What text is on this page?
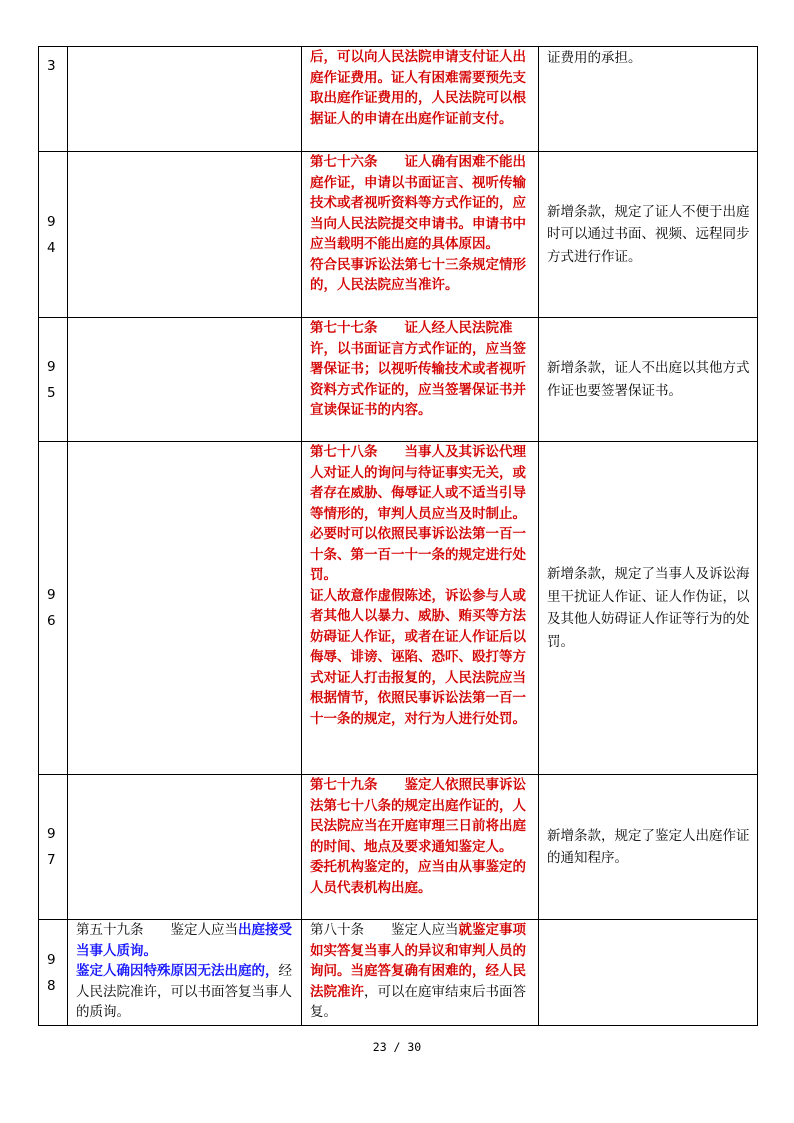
3		后，可以向人民法院申请支付证人出庭作证费用。证人有困难需要预先支取出庭作证费用的，人民法院可以根据证人的申请在出庭作证前支付。	证费用的承担。

9
4		第七十六条　　证人确有困难不能出庭作证，申请以书面证言、视听传输技术或者视听资料等方式作证的，应当向人民法院提交申请书。申请书中应当载明不能出庭的具体原因。
符合民事诉讼法第七十三条规定情形的，人民法院应当准许。	新增条款，规定了证人不便于出庭时可以通过书面、视频、远程同步方式进行作证。

9
5		第七十七条　　证人经人民法院准许，以书面证言方式作证的，应当签署保证书；以视听传输技术或者视听资料方式作证的，应当签署保证书并宣读保证书的内容。	新增条款，证人不出庭以其他方式作证也要签署保证书。

9
6		第七十八条　　当事人及其诉讼代理人对证人的询问与待证事实无关，或者存在威胁、侮辱证人或不适当引导等情形的，审判人员应当及时制止。必要时可以依照民事诉讼法第一百一十条、第一百一十一条的规定进行处罚。
证人故意作虚假陈述，诉讼参与人或者其他人以暴力、威胁、贿买等方法妨碍证人作证，或者在证人作证后以侮辱、诽谤、诬陷、恐吓、殴打等方式对证人打击报复的，人民法院应当根据情节，依照民事诉讼法第一百一十一条的规定，对行为人进行处罚。	新增条款，规定了当事人及诉讼海里干扰证人作证、证人作伪证，以及其他人妨碍证人作证等行为的处罚。

9
7		第七十九条　　鉴定人依照民事诉讼法第七十八条的规定出庭作证的，人民法院应当在开庭审理三日前将出庭的时间、地点及要求通知鉴定人。
委托机构鉴定的，应当由从事鉴定的人员代表机构出庭。	新增条款，规定了鉴定人出庭作证的通知程序。

9
8	第五十九条　　鉴定人应当出庭接受当事人质询。
鉴定人确因特殊原因无法出庭的，经人民法院准许，可以书面答复当事人的质询。	第八十条　　鉴定人应当就鉴定事项如实答复当事人的异议和审判人员的询问。当庭答复确有困难的，经人民法院准许，可以在庭审结束后书面答复。	

23 / 30
